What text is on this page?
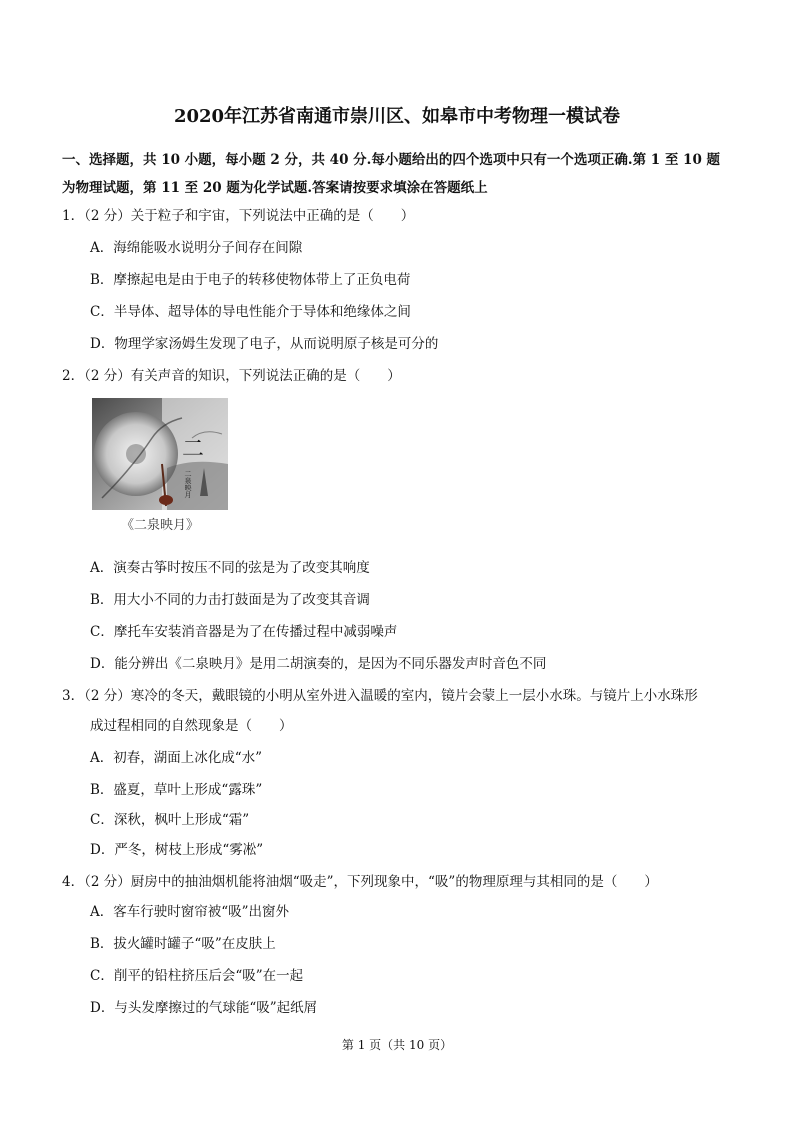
2020年江苏省南通市崇川区、如皋市中考物理一模试卷
一、选择题，共 10 小题，每小题 2 分，共 40 分.每小题给出的四个选项中只有一个选项正确.第 1 至 10 题
为物理试题，第 11 至 20 题为化学试题.答案请按要求填涂在答题纸上
1．（2 分）关于粒子和宇宙，下列说法中正确的是（　　）
A．海绵能吸水说明分子间存在间隙
B．摩擦起电是由于电子的转移使物体带上了正负电荷
C．半导体、超导体的导电性能介于导体和绝缘体之间
D．物理学家汤姆生发现了电子，从而说明原子核是可分的
2．（2 分）有关声音的知识，下列说法正确的是（　　）
二
二泉映月
《二泉映月》
A．演奏古筝时按压不同的弦是为了改变其响度
B．用大小不同的力击打鼓面是为了改变其音调
C．摩托车安装消音器是为了在传播过程中减弱噪声
D．能分辨出《二泉映月》是用二胡演奏的，是因为不同乐器发声时音色不同
3．（2 分）寒冷的冬天，戴眼镜的小明从室外进入温暖的室内，镜片会蒙上一层小水珠。与镜片上小水珠形
成过程相同的自然现象是（　　）
A．初春，湖面上冰化成“水”
B．盛夏，草叶上形成“露珠”
C．深秋，枫叶上形成“霜”
D．严冬，树枝上形成“雾凇”
4．（2 分）厨房中的抽油烟机能将油烟“吸走”，下列现象中，“吸”的物理原理与其相同的是（　　）
A．客车行驶时窗帘被“吸”出窗外
B．拔火罐时罐子“吸”在皮肤上
C．削平的铅柱挤压后会“吸”在一起
D．与头发摩擦过的气球能“吸”起纸屑
第 1 页（共 10 页）
